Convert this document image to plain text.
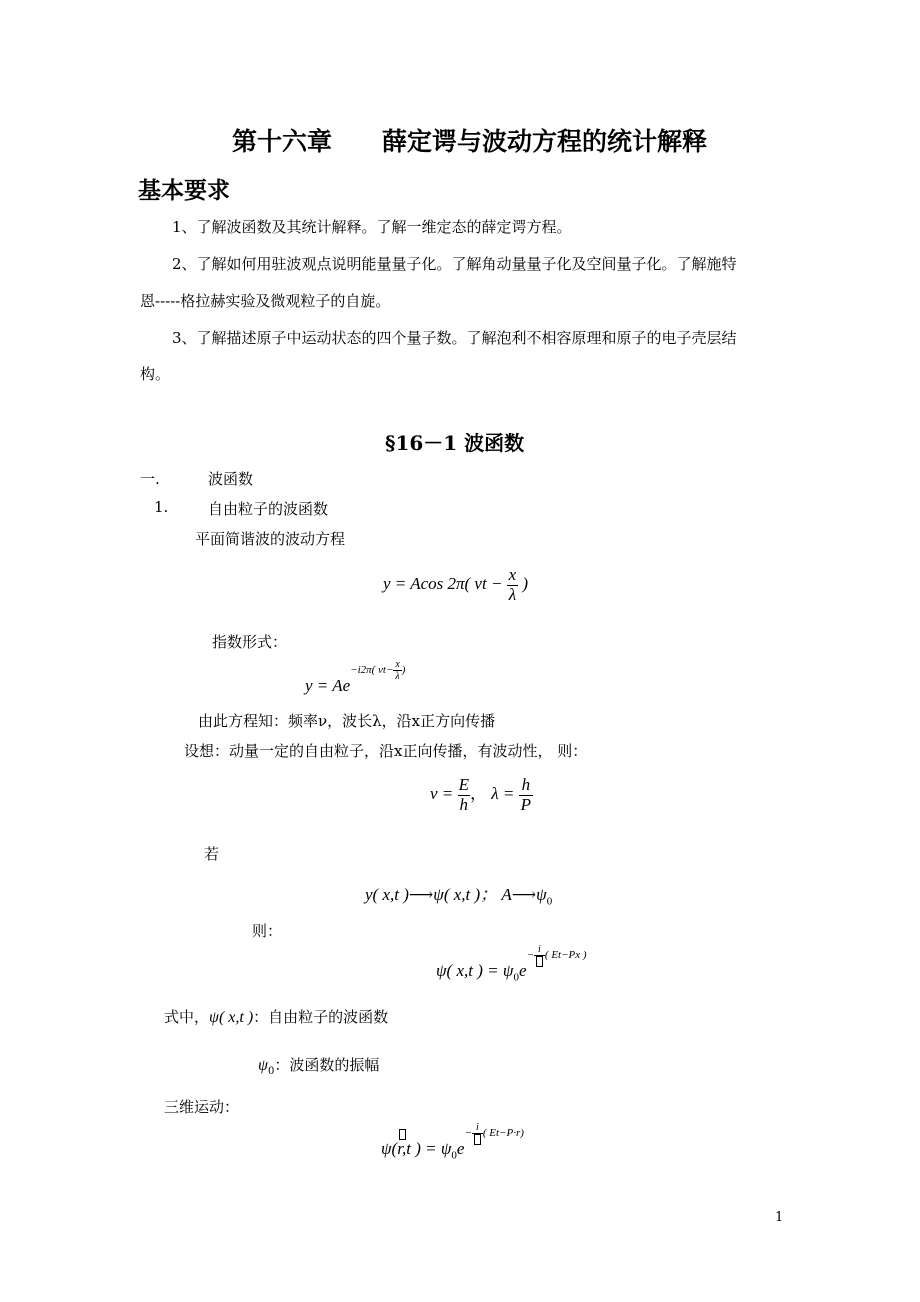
第十六章　　薛定谔与波动方程的统计解释
基本要求
1、了解波函数及其统计解释。了解一维定态的薛定谔方程。
2、了解如何用驻波观点说明能量量子化。了解角动量量子化及空间量子化。了解施特
恩-----格拉赫实验及微观粒子的自旋。
3、了解描述原子中运动状态的四个量子数。了解泡利不相容原理和原子的电子壳层结
构。
§16－1 波函数
一.	波函数
1.	自由粒子的波函数
平面简谐波的波动方程
y = Acos 2π( $\nu t - \frac{x}{\lambda}$ )
指数形式：
$y = Ae^{-i2\pi( \nu t- \frac{x}{\lambda} )}$
由此方程知：频率ν，波长λ，沿x正方向传播
设想：动量一定的自由粒子，沿x正向传播，有波动性， 则：
$\nu = \frac{E}{h}$ ， $\lambda = \frac{h}{P}$
若
y( x,t )⟶ψ( x,t )； $A⟶\psi_0$
则：
ψ( x,t ) = $\psi_0e- i$ ( Et−Px )
式中，ψ( x,t )：自由粒子的波函数
$\psi_0$：波函数的振幅
三维运动：
ψ(
r,t ) = $\psi_0e- i$ ( Et−P·r)
1
